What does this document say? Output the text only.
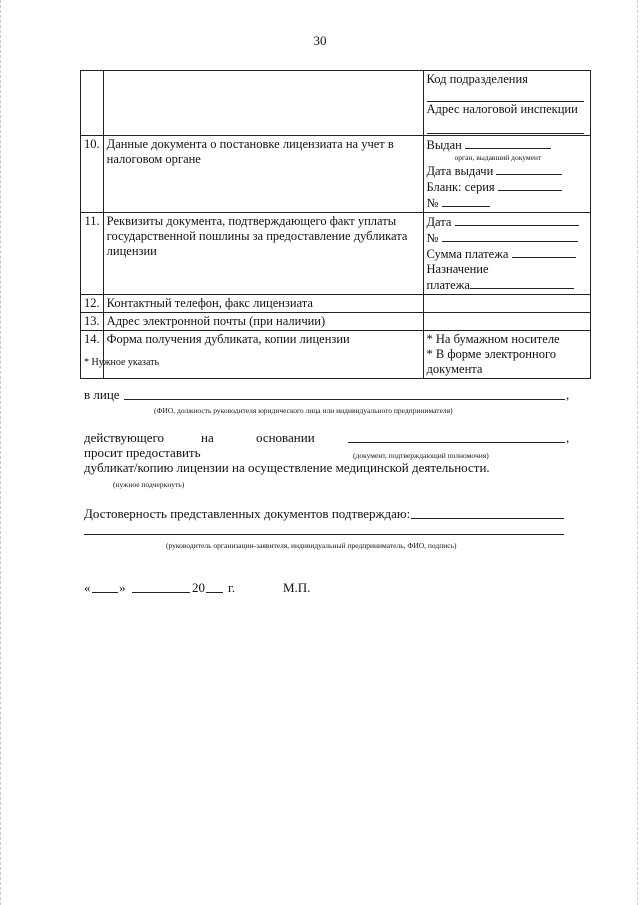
30

		Код подразделения
Адрес налоговой инспекции

10.	Данные документа о постановке лицензиата на учет в налоговом органе	Выдан
орган, выдавший документ
Дата выдачи
Бланк: серия
№

11.	Реквизиты документа, подтверждающего факт уплаты государственной пошлины за предоставление дубликата лицензии	Дата
№
Сумма платежа
Назначение
платежа

12.	Контактный телефон, факс лицензиата	
13.	Адрес электронной почты (при наличии)	
14.	Форма получения дубликата, копии лицензии	* На бумажном носителе
* В форме электронного документа
* Нужное указать
в лице	,
(ФИО, должность руководителя юридического лица или индивидуального предпринимателя)
действующего	на	основании	,
просит предоставить	(документ, подтверждающий полномочия)
дубликат/копию лицензии на осуществление медицинской деятельности.
(нужное подчеркнуть)
Достоверность представленных документов подтверждаю:
(руководитель организации-заявителя, индивидуальный предприниматель, ФИО, подпись)
« »	20 г.	М.П.
